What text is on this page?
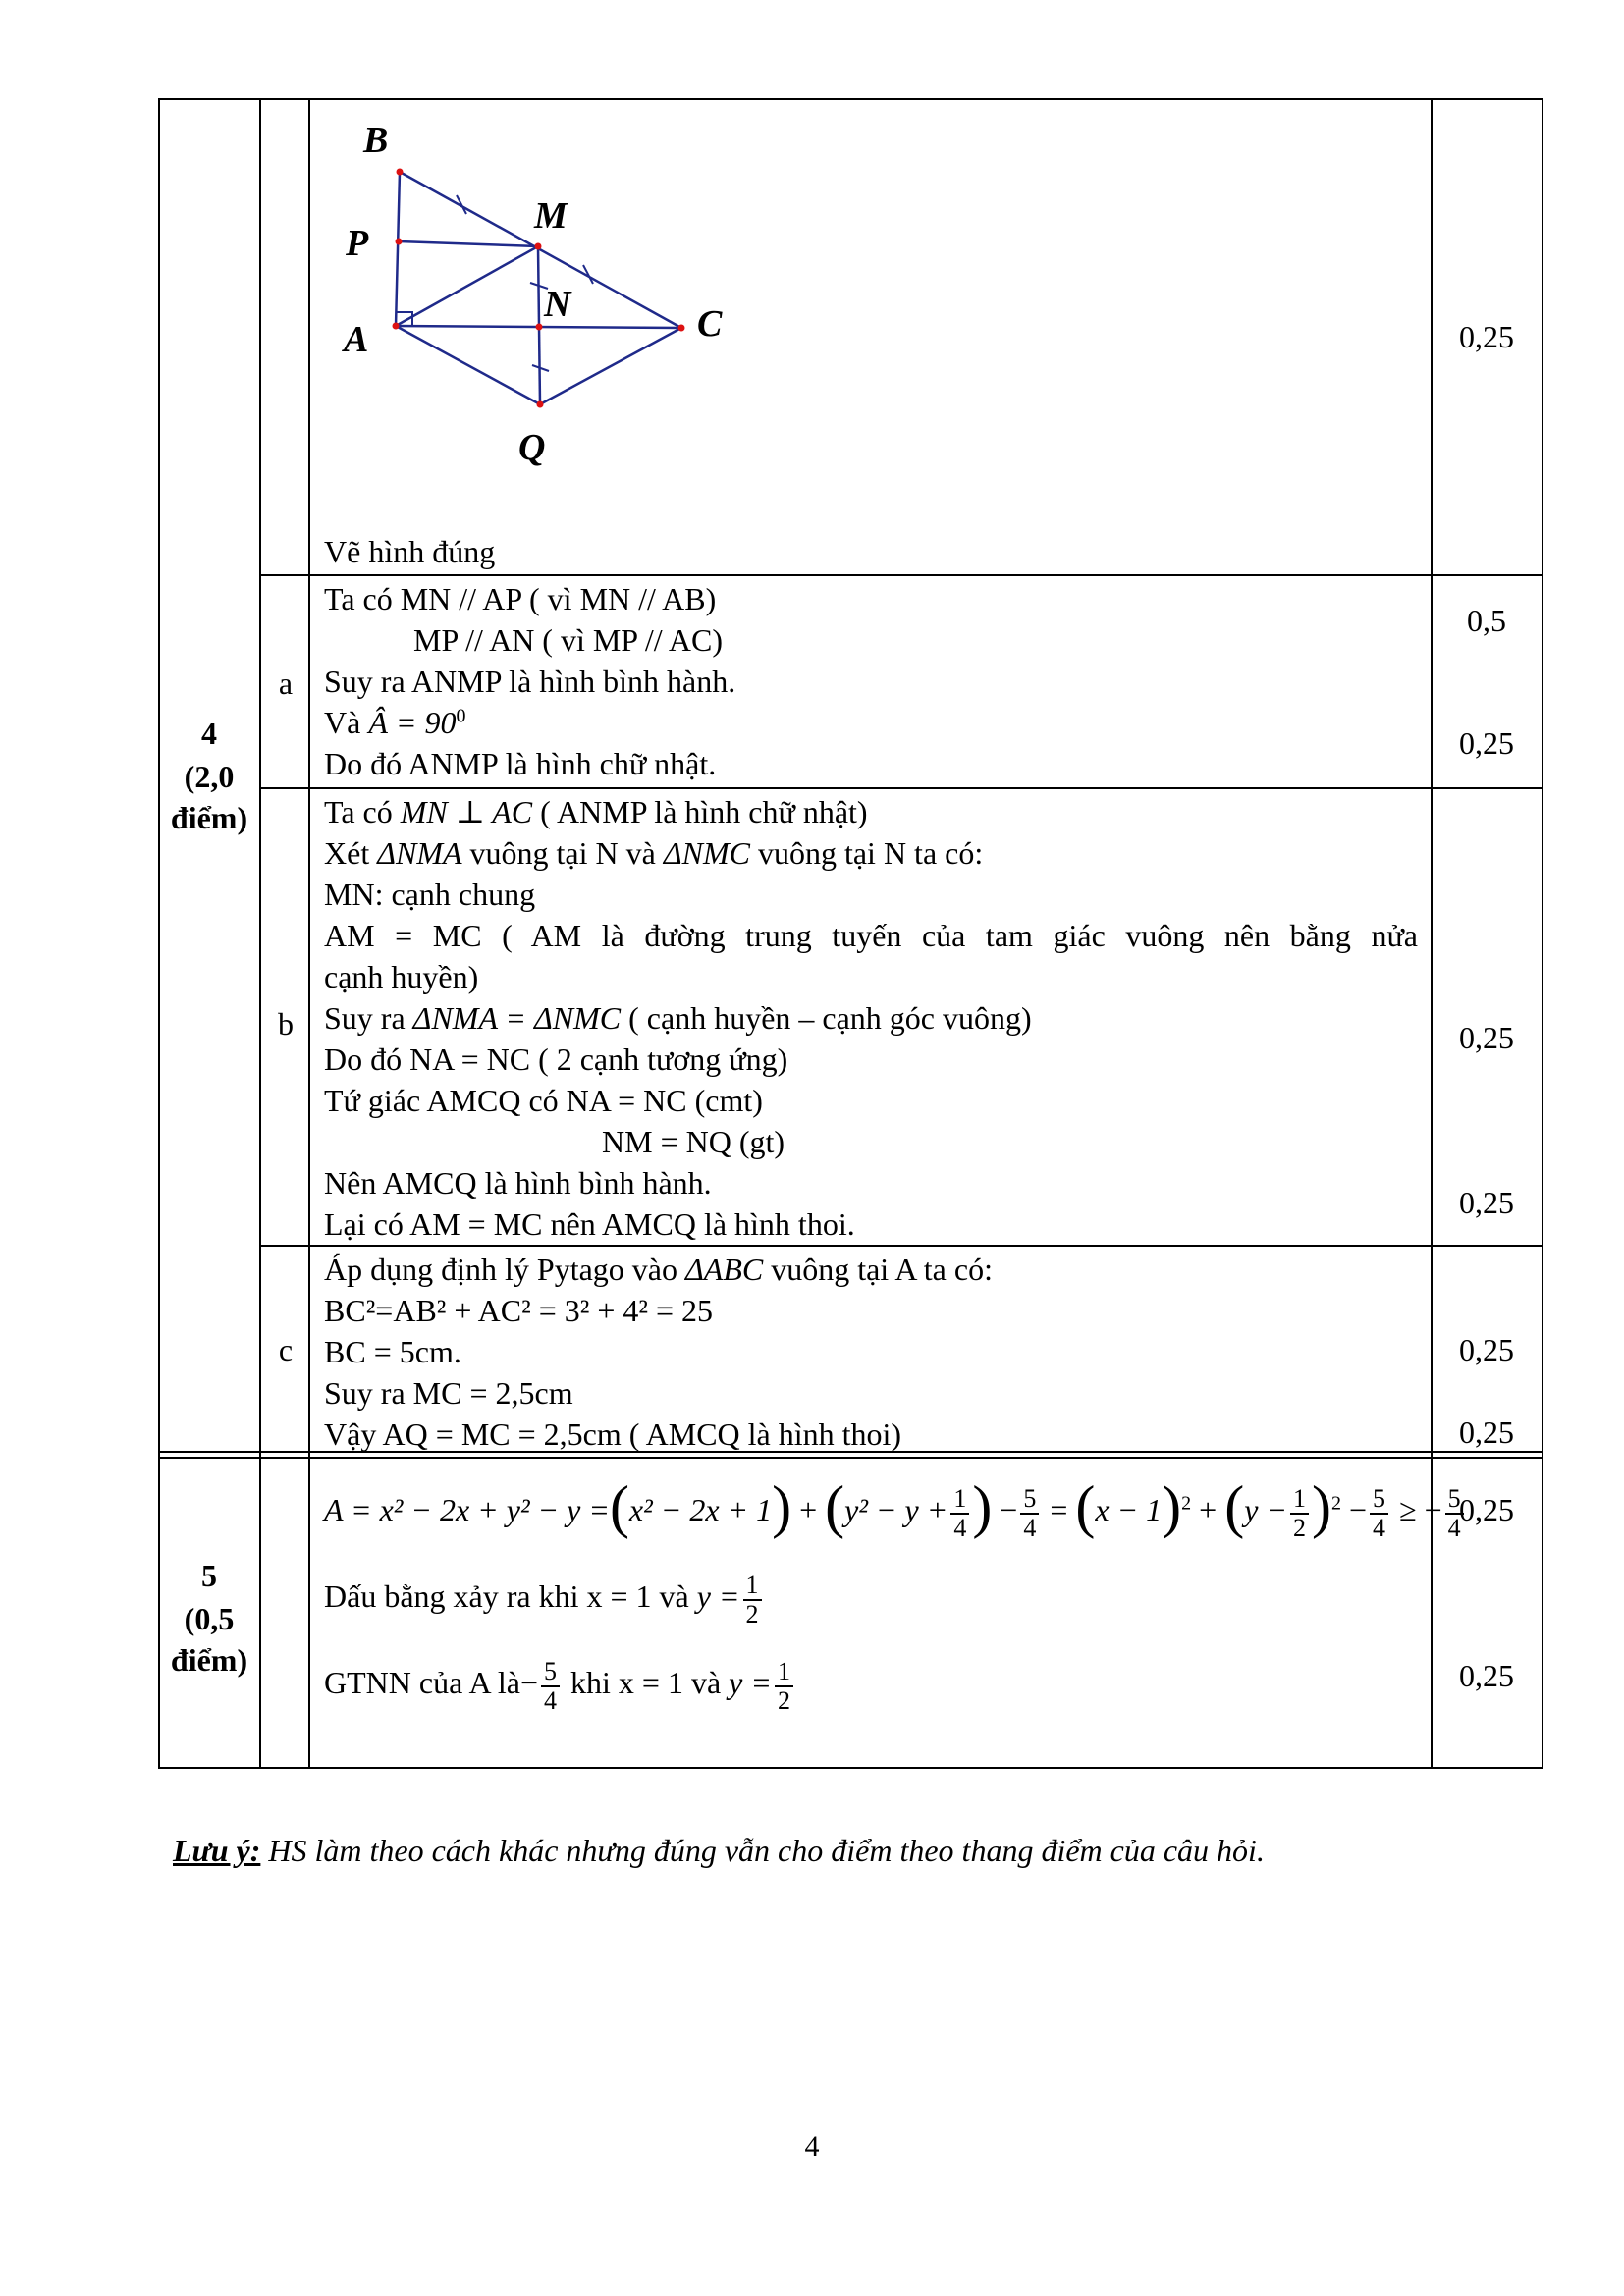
B
P
M
N
A	C
Q
Vẽ hình đúng
0,25
4
(2,0
điểm)
a
Ta có MN // AP ( vì MN // AB)
MP // AN ( vì MP // AC)
Suy ra ANMP là hình bình hành.
Và Â = $90^0$
Do đó ANMP là hình chữ nhật.
0,5
0,25
b
Ta có MN ⊥ AC ( ANMP là hình chữ nhật)
Xét ΔNMA vuông tại N và ΔNMC vuông tại N ta có:
MN: cạnh chung
AM = MC ( AM là đường trung tuyến của tam giác vuông nên bằng nửa
cạnh huyền)
Suy ra ΔNMA = ΔNMC ( cạnh huyền – cạnh góc vuông)
Do đó NA = NC ( 2 cạnh tương ứng)
Tứ giác AMCQ có NA = NC (cmt)
NM = NQ (gt)
Nên AMCQ là hình bình hành.
Lại có AM = MC nên AMCQ là hình thoi.
0,25
0,25
c
Áp dụng định lý Pytago vào ΔABC vuông tại A ta có:
BC²=AB² + AC² = 3² + 4² = 25
BC = 5cm.
Suy ra MC = 2,5cm
Vậy AQ = MC = 2,5cm ( AMCQ là hình thoi)
0,25
0,25
5
(0,5
điểm)
$A = x^2 - 2x + y^2 - y =(x^2 - 2x + 1) + (y^2 - y + \frac{1}{4}$ ) − $\frac{5}{4} = (x - 1)^2 + (y - \frac{1}{2} )^2 - \frac{5}{4}$ ≥ − $\frac{5}{4}$
Dấu bằng xảy ra khi x = 1 và $y = \frac{1}{2}$
GTNN của A là− $\frac{5}{4}$ khi x = 1 và $y = \frac{1}{2}$
0,25
0,25
Lưu ý: HS làm theo cách khác nhưng đúng vẫn cho điểm theo thang điểm của câu hỏi.
4
